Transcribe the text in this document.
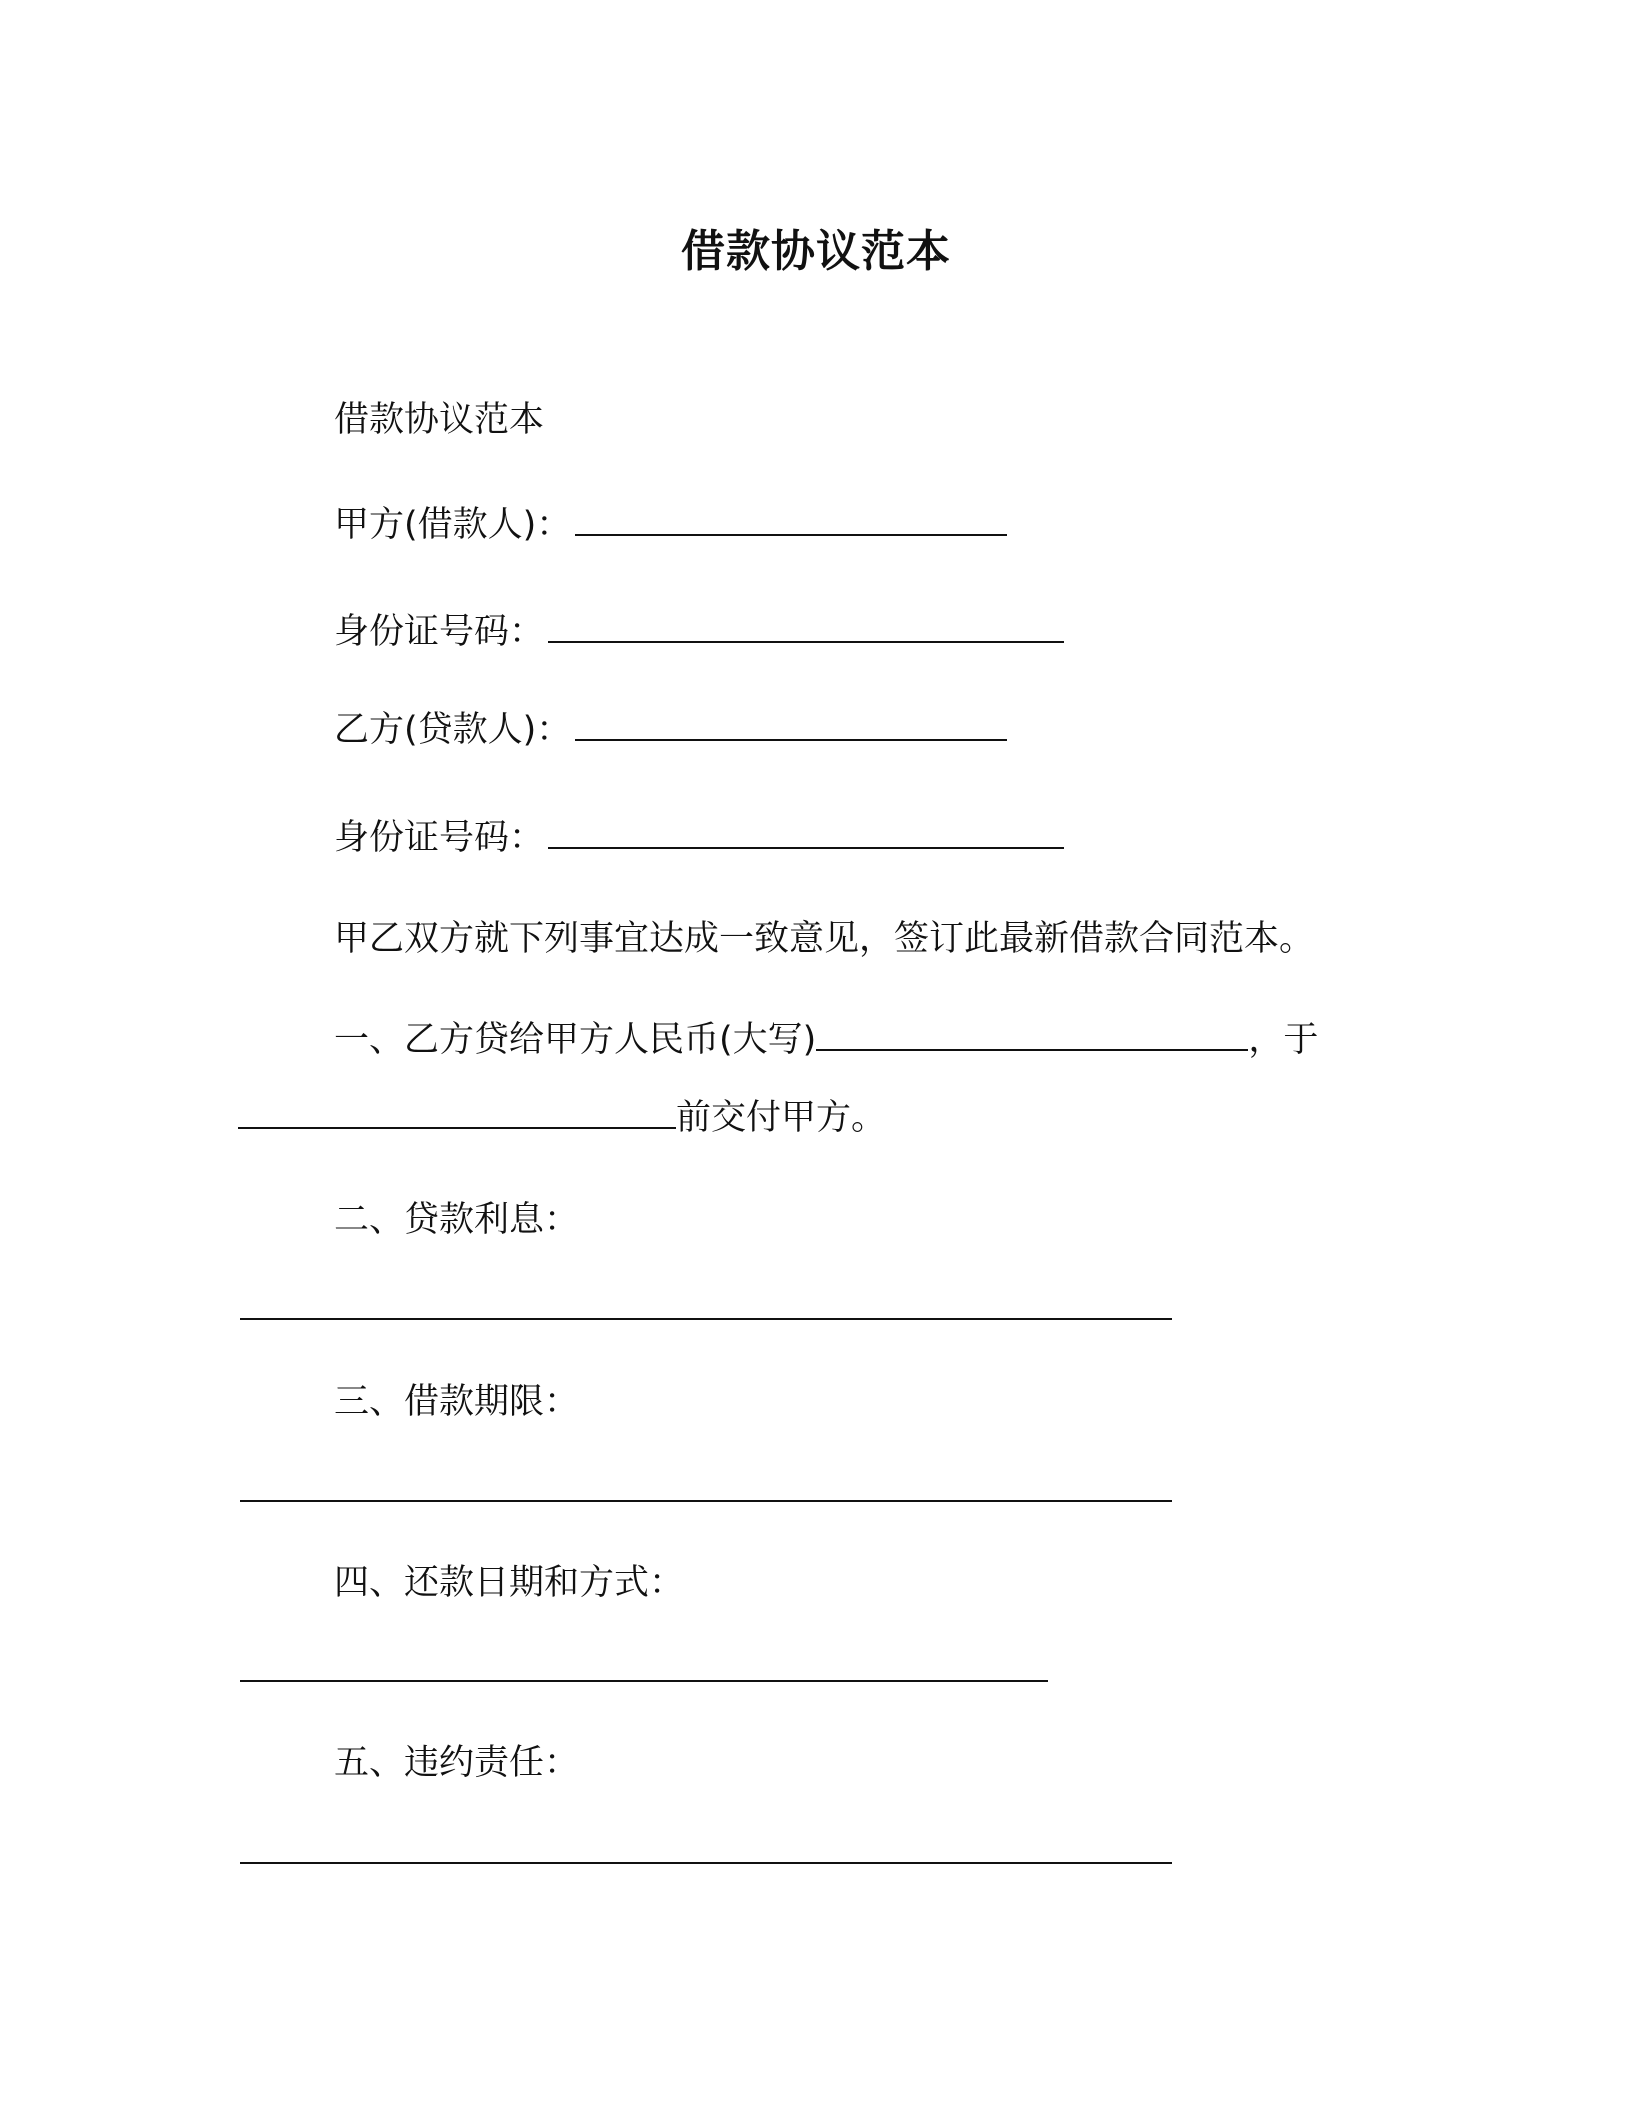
借款协议范本
借款协议范本
甲方(借款人)：
身份证号码：
乙方(贷款人)：
身份证号码：
甲乙双方就下列事宜达成一致意见，签订此最新借款合同范本。
一、乙方贷给甲方人民币(大写)	，于
前交付甲方。
二、贷款利息：
三、借款期限：
四、还款日期和方式：
五、违约责任：
